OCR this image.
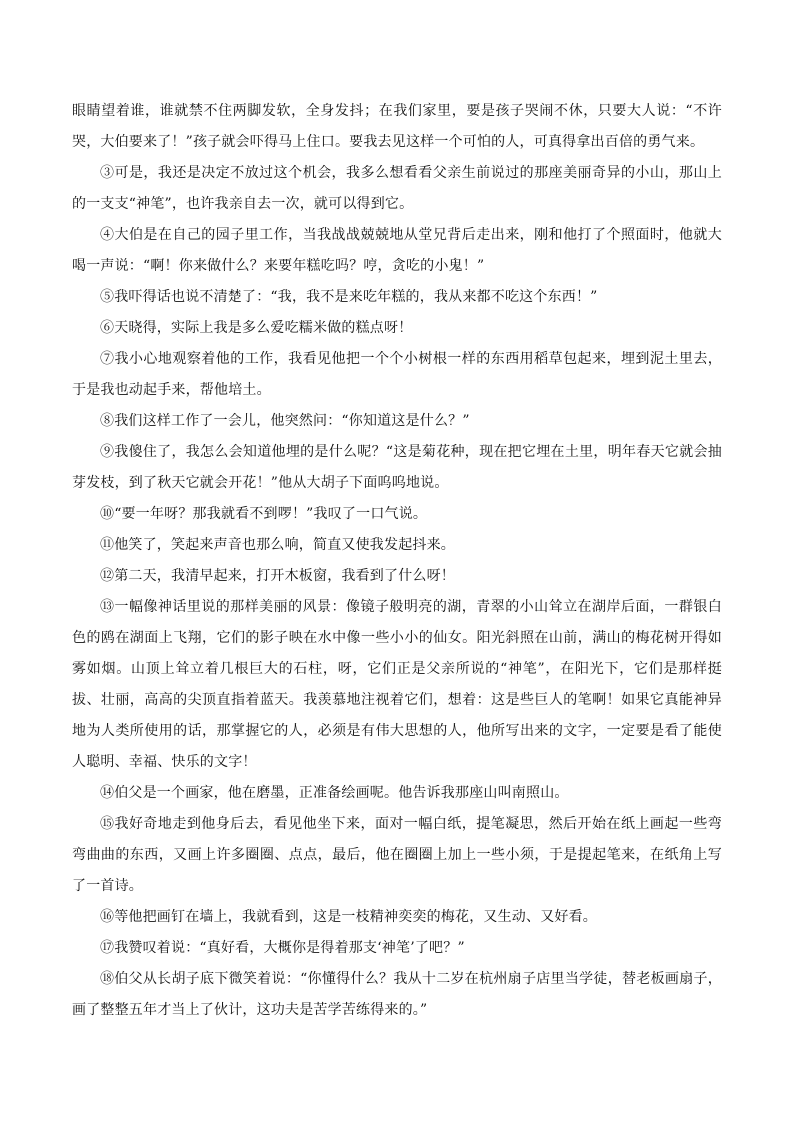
眼睛望着谁，谁就禁不住两脚发软，全身发抖；在我们家里，要是孩子哭闹不休，只要大人说：“不许哭，大伯要来了！”孩子就会吓得马上住口。要我去见这样一个可怕的人，可真得拿出百倍的勇气来。

③可是，我还是决定不放过这个机会，我多么想看看父亲生前说过的那座美丽奇异的小山，那山上的一支支“神笔”，也许我亲自去一次，就可以得到它。

④大伯是在自己的园子里工作，当我战战兢兢地从堂兄背后走出来，刚和他打了个照面时，他就大喝一声说：“啊！你来做什么？来要年糕吃吗？哼，贪吃的小鬼！”

⑤我吓得话也说不清楚了：“我，我不是来吃年糕的，我从来都不吃这个东西！”

⑥天晓得，实际上我是多么爱吃糯米做的糕点呀！

⑦我小心地观察着他的工作，我看见他把一个个小树根一样的东西用稻草包起来，埋到泥土里去，于是我也动起手来，帮他培土。

⑧我们这样工作了一会儿，他突然问：“你知道这是什么？”

⑨我傻住了，我怎么会知道他埋的是什么呢？“这是菊花种，现在把它埋在土里，明年春天它就会抽芽发枝，到了秋天它就会开花！”他从大胡子下面呜呜地说。

⑩“要一年呀？那我就看不到啰！”我叹了一口气说。

⑪他笑了，笑起来声音也那么响，简直又使我发起抖来。

⑫第二天，我清早起来，打开木板窗，我看到了什么呀！

⑬一幅像神话里说的那样美丽的风景：像镜子般明亮的湖，青翠的小山耸立在湖岸后面，一群银白色的鸥在湖面上飞翔，它们的影子映在水中像一些小小的仙女。阳光斜照在山前，满山的梅花树开得如雾如烟。山顶上耸立着几根巨大的石柱，呀，它们正是父亲所说的“神笔”，在阳光下，它们是那样挺拔、壮丽，高高的尖顶直指着蓝天。我羡慕地注视着它们，想着：这是些巨人的笔啊！如果它真能神异地为人类所使用的话，那掌握它的人，必须是有伟大思想的人，他所写出来的文字，一定要是看了能使人聪明、幸福、快乐的文字！

⑭伯父是一个画家，他在磨墨，正准备绘画呢。他告诉我那座山叫南照山。

⑮我好奇地走到他身后去，看见他坐下来，面对一幅白纸，提笔凝思，然后开始在纸上画起一些弯弯曲曲的东西，又画上许多圈圈、点点，最后，他在圈圈上加上一些小须，于是提起笔来，在纸角上写了一首诗。

⑯等他把画钉在墙上，我就看到，这是一枝精神奕奕的梅花，又生动、又好看。

⑰我赞叹着说：“真好看，大概你是得着那支‘神笔’了吧？”

⑱伯父从长胡子底下微笑着说：“你懂得什么？我从十二岁在杭州扇子店里当学徒，替老板画扇子，画了整整五年才当上了伙计，这功夫是苦学苦练得来的。”
